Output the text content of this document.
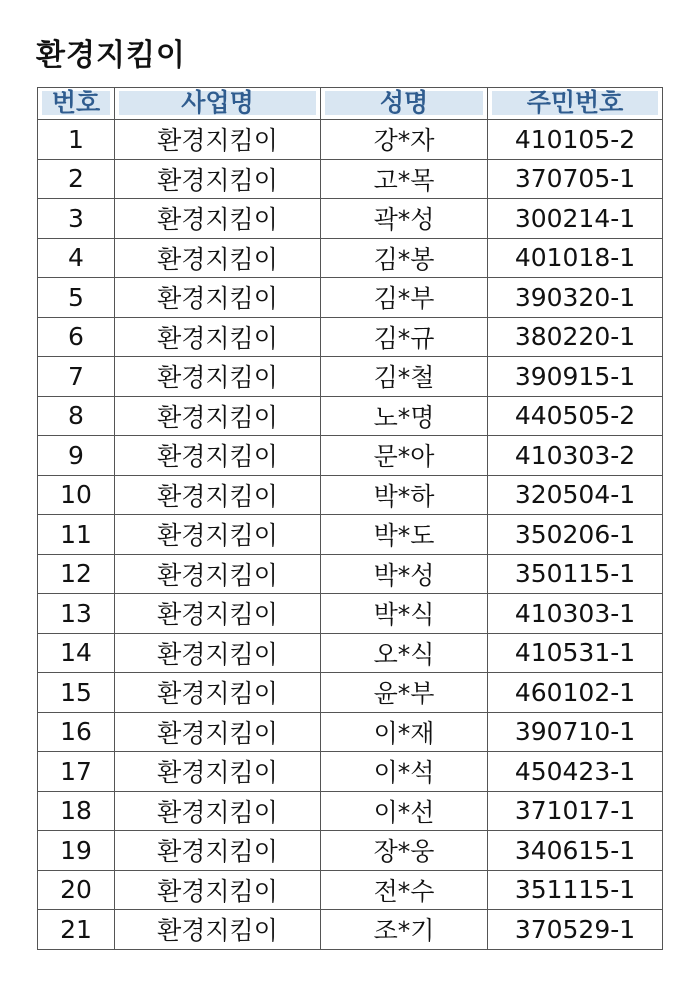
환경지킴이
번호	사업명	성명	주민번호

1	환경지킴이	강*자	410105-2
2	환경지킴이	고*목	370705-1
3	환경지킴이	곽*성	300214-1
4	환경지킴이	김*봉	401018-1
5	환경지킴이	김*부	390320-1
6	환경지킴이	김*규	380220-1
7	환경지킴이	김*철	390915-1
8	환경지킴이	노*명	440505-2
9	환경지킴이	문*아	410303-2
10	환경지킴이	박*하	320504-1
11	환경지킴이	박*도	350206-1
12	환경지킴이	박*성	350115-1
13	환경지킴이	박*식	410303-1
14	환경지킴이	오*식	410531-1
15	환경지킴이	윤*부	460102-1
16	환경지킴이	이*재	390710-1
17	환경지킴이	이*석	450423-1
18	환경지킴이	이*선	371017-1
19	환경지킴이	장*웅	340615-1
20	환경지킴이	전*수	351115-1
21	환경지킴이	조*기	370529-1
